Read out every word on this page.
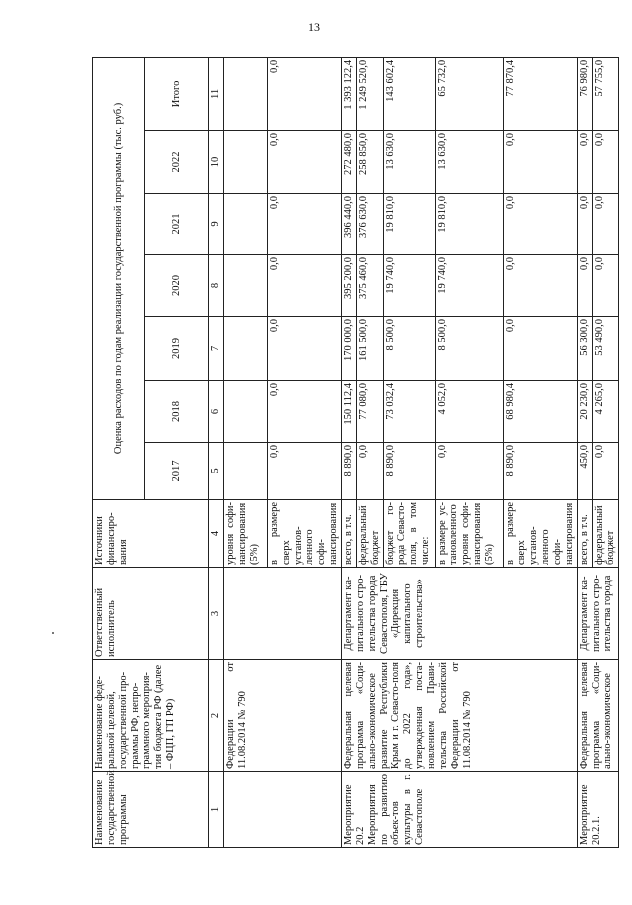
13
Наименование государственной программы	Наименование феде-ральной целевой, государственной про-граммы РФ, непро-граммного мероприя-тия бюджета РФ (далее – ФЦП, ГП РФ)	Ответственный исполнитель	Источники финансиро-вания	Оценка расходов по годам реализации государственной программы (тыс. руб.)						
				2017	2018	2019	2020	2021	2022	Итого
1	2	3	4	5	6	7	8	9	10	11
	Федерации от 11.08.2014 № 790		уровня софи-нансирования (5%)							
			в размере сверх установ-ленного софи-нансирования	0,0	0,0	0,0	0,0	0,0	0,0	0,0
Мероприятие 20.2 Мероприятия по развитию объек-тов культуры в г. Севастополе	Федеральная целевая программа «Соци-ально-экономическое развитие Республики Крым и г. Севасто-поля до 2022 года», утвержденная поста-новлением Прави-тельства Российской Федерации от 11.08.2014 № 790	Департамент ка-питального стро-ительства города Севастополя, ГБУ «Дирекция капитального строительства»	всего, в т.ч.	8 890,0	150 112,4	170 000,0	395 200,0	396 440,0	272 480,0	1 393 122,4
			федеральный бюджет	0,0	77 080,0	161 500,0	375 460,0	376 630,0	258 850,0	1 249 520,0
			бюджет го-рода Севасто-поля, в том числе:	8 890,0	73 032,4	8 500,0	19 740,0	19 810,0	13 630,0	143 602,4
			в размере ус-тановленного уровня софи-нансирования (5%)	0,0	4 052,0	8 500,0	19 740,0	19 810,0	13 630,0	65 732,0
			в размере сверх установ-ленного софи-нансирования	8 890,0	68 980,4	0,0	0,0	0,0	0,0	77 870,4
Мероприятие 20.2.1.	Федеральная целевая программа «Соци-ально-экономическое	Департамент ка-питального стро-ительства города	всего, в т.ч.	450,0	20 230,0	56 300,0	0,0	0,0	0,0	76 980,0
			федеральный бюджет	0,0	4 265,0	53 490,0	0,0	0,0	0,0	57 755,0
